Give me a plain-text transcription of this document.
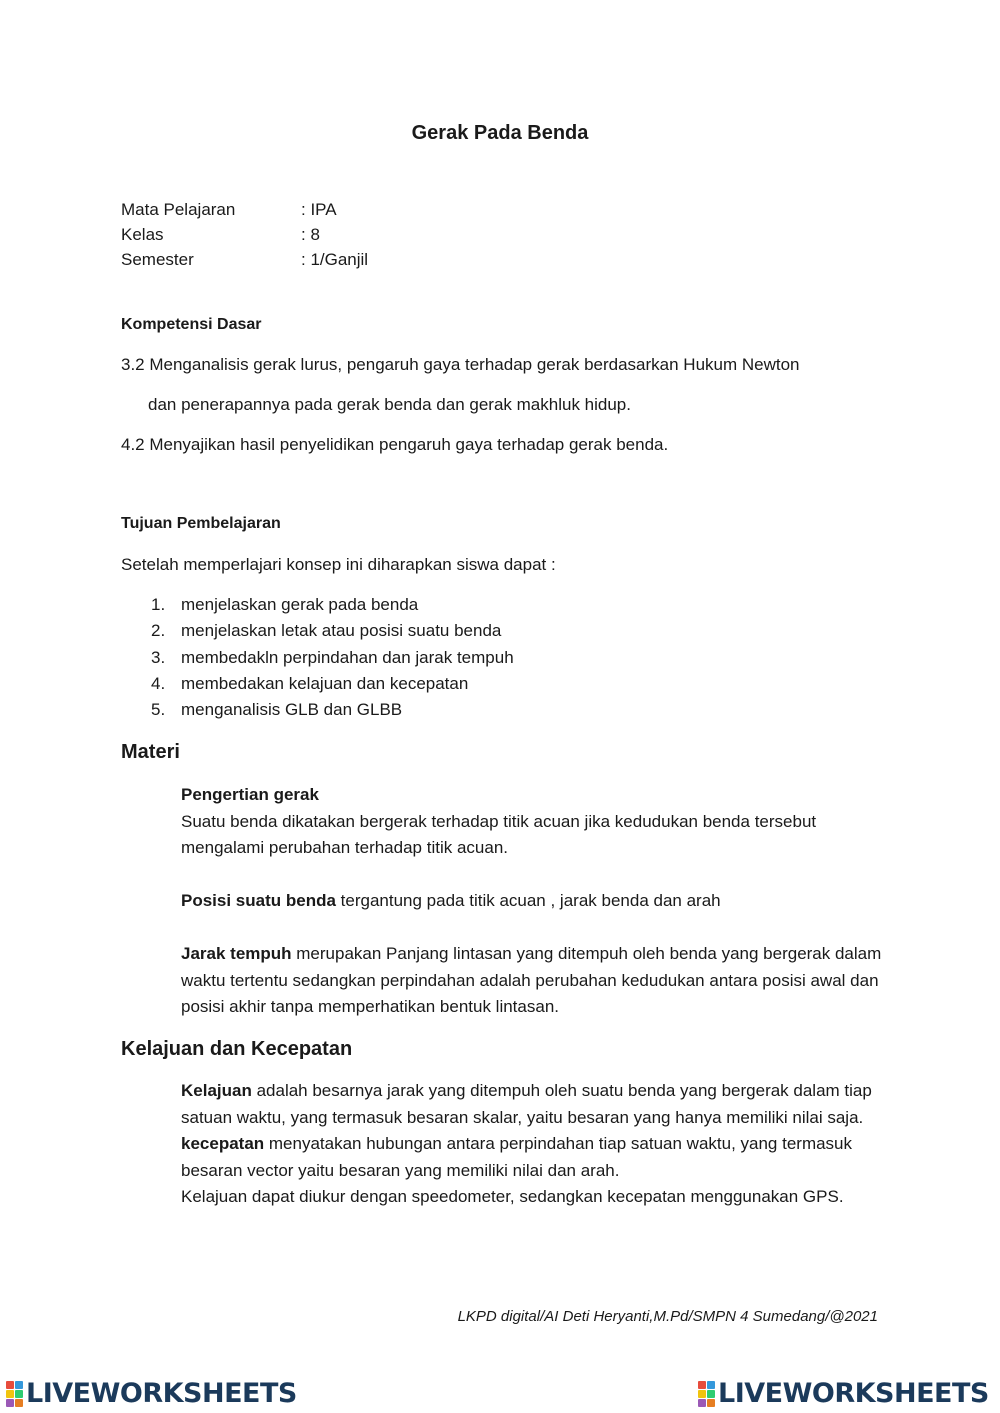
Gerak Pada Benda
Mata Pelajaran	: IPA
Kelas	: 8
Semester	: 1/Ganjil
Kompetensi Dasar
3.2 Menganalisis gerak lurus, pengaruh gaya terhadap gerak berdasarkan Hukum Newton
dan penerapannya pada gerak benda dan gerak makhluk hidup.
4.2 Menyajikan hasil penyelidikan pengaruh gaya terhadap gerak benda.
Tujuan Pembelajaran
Setelah memperlajari konsep ini diharapkan siswa dapat :
1. menjelaskan gerak pada benda
2. menjelaskan letak atau posisi suatu benda
3. membedakln perpindahan dan jarak tempuh
4. membedakan kelajuan dan kecepatan
5. menganalisis GLB dan GLBB
Materi

Pengertian gerak

Suatu benda dikatakan bergerak terhadap titik acuan jika kedudukan benda tersebut mengalami perubahan terhadap titik acuan.

Posisi suatu benda tergantung pada titik acuan , jarak benda dan arah

Jarak tempuh merupakan Panjang lintasan yang ditempuh oleh benda yang bergerak dalam waktu tertentu sedangkan perpindahan adalah perubahan kedudukan antara posisi awal dan posisi akhir tanpa memperhatikan bentuk lintasan.

Kelajuan dan Kecepatan

Kelajuan adalah besarnya jarak yang ditempuh oleh suatu benda yang bergerak dalam tiap satuan waktu, yang termasuk besaran skalar, yaitu besaran yang hanya memiliki nilai saja.

kecepatan menyatakan hubungan antara perpindahan tiap satuan waktu, yang termasuk besaran vector yaitu besaran yang memiliki nilai dan arah.

Kelajuan dapat diukur dengan speedometer, sedangkan kecepatan menggunakan GPS.

LKPD digital/AI Deti Heryanti,M.Pd/SMPN 4 Sumedang/@2021
LIVEWORKSHEETS	LIVEWORKSHEETS
